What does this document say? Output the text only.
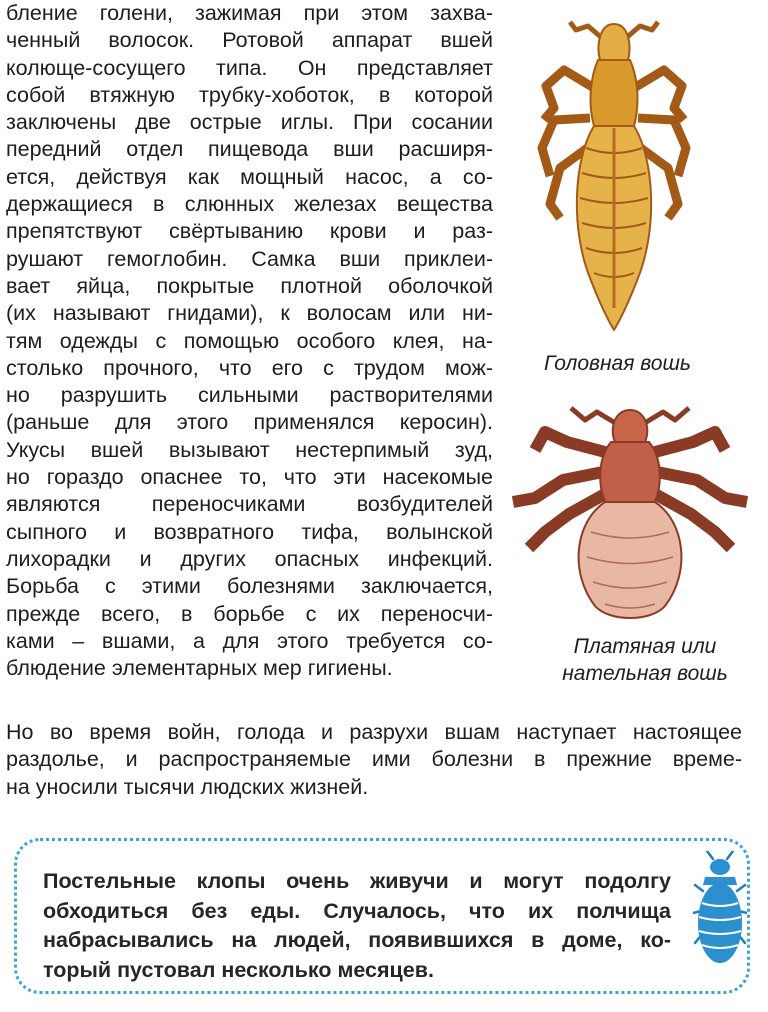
бление голени, зажимая при этом захва-
ченный волосок. Ротовой аппарат вшей
колюще-сосущего типа. Он представляет
собой втяжную трубку-хоботок, в которой
заключены две острые иглы. При сосании
передний отдел пищевода вши расширя-
ется, действуя как мощный насос, а со-
держащиеся в слюнных железах вещества
препятствуют свёртыванию крови и раз-
рушают гемоглобин. Самка вши приклеи-
вает яйца, покрытые плотной оболочкой
(их называют гнидами), к волосам или ни-
тям одежды с помощью особого клея, на-
столько прочного, что его с трудом мож-
но разрушить сильными растворителями
(раньше для этого применялся керосин).
Укусы вшей вызывают нестерпимый зуд,
но гораздо опаснее то, что эти насекомые
являются переносчиками возбудителей
сыпного и возвратного тифа, волынской
лихорадки и других опасных инфекций.
Борьба с этими болезнями заключается,
прежде всего, в борьбе с их переносчи-
ками – вшами, а для этого требуется со-
блюдение элементарных мер гигиены.
Но во время войн, голода и разрухи вшам наступает настоящее
раздолье, и распространяемые ими болезни в прежние време-
на уносили тысячи людских жизней.
Головная вошь
Платяная или
нательная вошь
Постельные клопы очень живучи и могут подолгу
обходиться без еды. Случалось, что их полчища
набрасывались на людей, появившихся в доме, ко-
торый пустовал несколько месяцев.
